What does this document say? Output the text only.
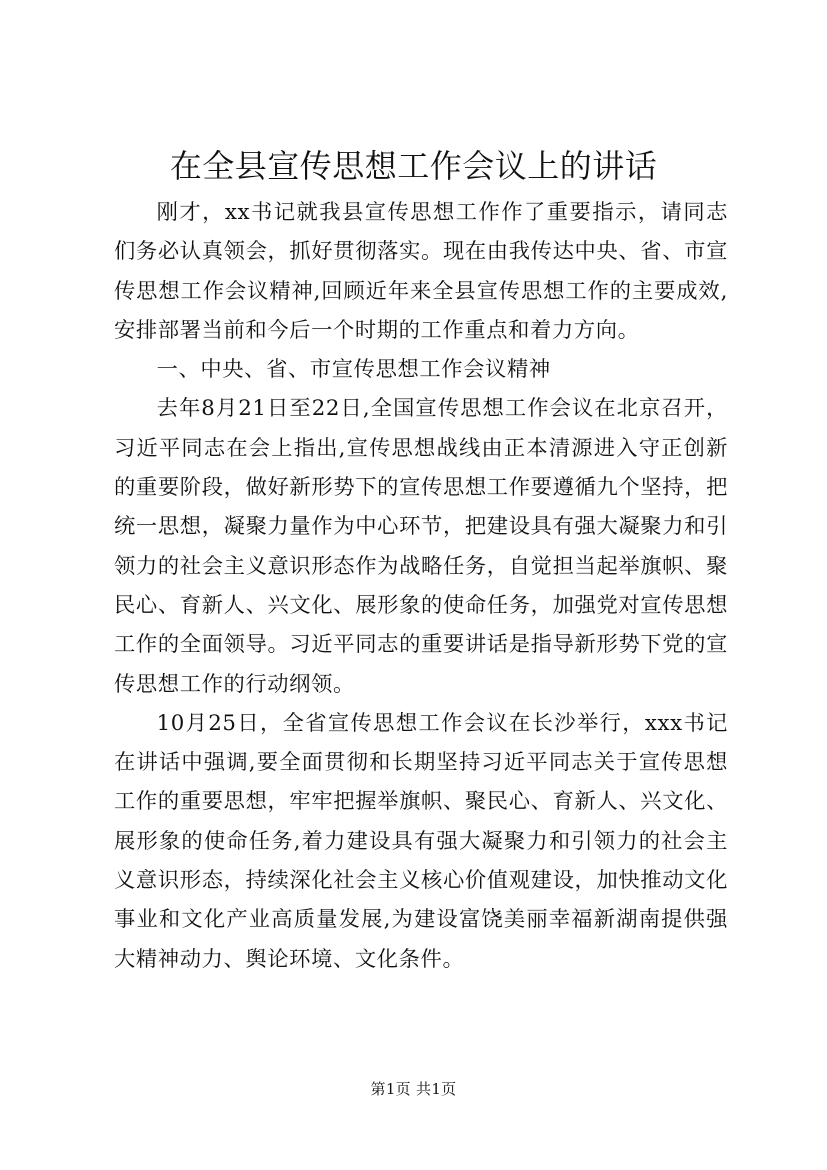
在全县宣传思想工作会议上的讲话

刚才，xx书记就我县宣传思想工作作了重要指示，请同志们务必认真领会，抓好贯彻落实。现在由我传达中央、省、市宣传思想工作会议精神,回顾近年来全县宣传思想工作的主要成效,安排部署当前和今后一个时期的工作重点和着力方向。

一、中央、省、市宣传思想工作会议精神

去年8月21日至22日,全国宣传思想工作会议在北京召开，习近平同志在会上指出,宣传思想战线由正本清源进入守正创新的重要阶段，做好新形势下的宣传思想工作要遵循九个坚持，把统一思想，凝聚力量作为中心环节，把建设具有强大凝聚力和引领力的社会主义意识形态作为战略任务，自觉担当起举旗帜、聚民心、育新人、兴文化、展形象的使命任务，加强党对宣传思想工作的全面领导。习近平同志的重要讲话是指导新形势下党的宣传思想工作的行动纲领。

10月25日，全省宣传思想工作会议在长沙举行，xxx书记在讲话中强调,要全面贯彻和长期坚持习近平同志关于宣传思想工作的重要思想，牢牢把握举旗帜、聚民心、育新人、兴文化、展形象的使命任务,着力建设具有强大凝聚力和引领力的社会主义意识形态，持续深化社会主义核心价值观建设，加快推动文化事业和文化产业高质量发展,为建设富饶美丽幸福新湖南提供强大精神动力、舆论环境、文化条件。

第1页 共1页
